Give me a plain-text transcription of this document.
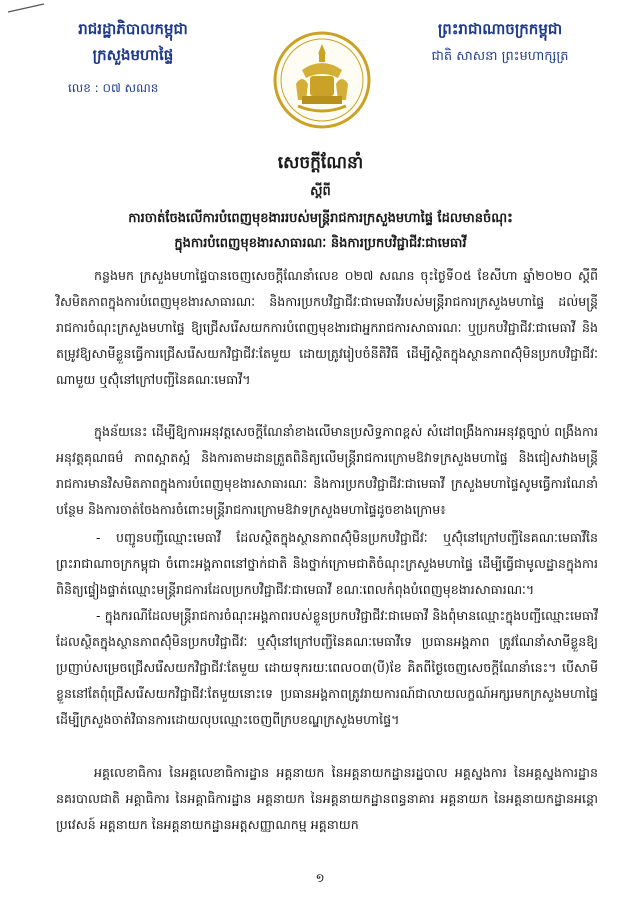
រាជរដ្ឋាភិបាលកម្ពុជា
ក្រសួងមហាផ្ទៃ
លេខ : ០៧ សណន
ព្រះរាជាណាចក្រកម្ពុជា
ជាតិ សាសនា ព្រះមហាក្សត្រ
សេចក្តីណែនាំ
ស្តីពី
ការចាត់ចែងលើការបំពេញមុខងាររបស់មន្ត្រីរាជការក្រសួងមហាផ្ទៃ ដែលមានចំណុះ
ក្នុងការបំពេញមុខងារសាធារណៈ និងការប្រកបវិជ្ជាជីវៈជាមេធាវី
កន្លងមក ក្រសួងមហាផ្ទៃបានចេញសេចក្តីណែនាំលេខ ០២៧ សណន ចុះថ្ងៃទី០៥ ខែសីហា ឆ្នាំ២០២០ ស្តីពីវិសមិតភាពក្នុងការបំពេញមុខងារសាធារណៈ និងការប្រកបវិជ្ជាជីវៈជាមេធាវីរបស់មន្ត្រីរាជការក្រសួងមហាផ្ទៃ ដល់មន្ត្រីរាជការចំណុះក្រសួងមហាផ្ទៃ ឱ្យជ្រើសរើសយកការបំពេញមុខងារជាអ្នករាជការសាធារណៈ ឬប្រកបវិជ្ជាជីវៈជាមេធាវី និងតម្រូវឱ្យសាមីខ្លួនធ្វើការជ្រើសរើសយកវិជ្ជាជីវៈតែមួយ ដោយត្រូវរៀបចំនីតិវិធី ដើម្បីស្ថិតក្នុងស្ថានភាពស៊ុំមិនប្រកបវិជ្ជាជីវៈណាមួយ ឬស៊ុំនៅក្រៅបញ្ជីនៃគណៈមេធាវី។
ក្នុងន័យនេះ ដើម្បីឱ្យការអនុវត្តសេចក្តីណែនាំខាងលើមានប្រសិទ្ធភាពខ្ពស់ សំដៅពង្រឹងការអនុវត្តច្បាប់ ពង្រឹងការអនុវត្តគុណធម៌ ភាពស្អាតស្អំ និងការតាមដានត្រួតពិនិត្យលើមន្ត្រីរាជការក្រោមឱវាទក្រសួងមហាផ្ទៃ និងជៀសវាងមន្ត្រីរាជការមានវិសមិតភាពក្នុងការបំពេញមុខងារសាធារណៈ និងការប្រកបវិជ្ជាជីវៈជាមេធាវី ក្រសួងមហាផ្ទៃសូមធ្វើការណែនាំបន្ថែម និងការចាត់ចែងការចំពោះមន្ត្រីរាជការក្រោមឱវាទក្រសួងមហាផ្ទៃដូចខាងក្រោម៖
- បញ្ជូនបញ្ជីឈ្មោះមេធាវី ដែលស្ថិតក្នុងស្ថានភាពស៊ុំមិនប្រកបវិជ្ជាជីវៈ ឬស៊ុំនៅក្រៅបញ្ជីនៃគណៈមេធាវីនៃព្រះរាជាណាចក្រកម្ពុជា ចំពោះអង្គភាពនៅថ្នាក់ជាតិ និងថ្នាក់ក្រោមជាតិចំណុះក្រសួងមហាផ្ទៃ ដើម្បីធ្វើជាមូលដ្ឋានក្នុងការពិនិត្យផ្ទៀងផ្ទាត់ឈ្មោះមន្ត្រីរាជការដែលប្រកបវិជ្ជាជីវៈជាមេធាវី ខណៈពេលកំពុងបំពេញមុខងារសាធារណៈ។
- ក្នុងករណីដែលមន្ត្រីរាជការចំណុះអង្គភាពរបស់ខ្លួនប្រកបវិជ្ជាជីវៈជាមេធាវី និងពុំមានឈ្មោះក្នុងបញ្ជីឈ្មោះមេធាវីដែលស្ថិតក្នុងស្ថានភាពស៊ុំមិនប្រកបវិជ្ជាជីវៈ ឬស៊ុំនៅក្រៅបញ្ជីនៃគណៈមេធាវីទេ ប្រធានអង្គភាព ត្រូវណែនាំសាមីខ្លួនឱ្យប្រញាប់សម្រេចជ្រើសរើសយកវិជ្ជាជីវៈតែមួយ ដោយទុករយៈពេល០៣(បី)ខែ គិតពីថ្ងៃចេញសេចក្តីណែនាំនេះ។ បើសាមីខ្លួននៅតែពុំជ្រើសរើសយកវិជ្ជាជីវៈតែមួយនោះទេ ប្រធានអង្គភាពត្រូវរាយការណ៍ជាលាយលក្ខណ៍អក្សរមកក្រសួងមហាផ្ទៃ ដើម្បីក្រសួងចាត់វិធានការដោយលុបឈ្មោះចេញពីក្របខណ្ឌក្រសួងមហាផ្ទៃ។
អគ្គលេខាធិការ នៃអគ្គលេខាធិការដ្ឋាន អគ្គនាយក នៃអគ្គនាយកដ្ឋានរដ្ឋបាល អគ្គស្នងការ នៃអគ្គស្នងការដ្ឋាននគរបាលជាតិ អគ្គាធិការ នៃអគ្គាធិការដ្ឋាន អគ្គនាយក នៃអគ្គនាយកដ្ឋានពន្ធនាគារ អគ្គនាយក នៃអគ្គនាយកដ្ឋានអន្តោប្រវេសន៍ អគ្គនាយក នៃអគ្គនាយកដ្ឋានអត្តសញ្ញាណកម្ម អគ្គនាយក
១
